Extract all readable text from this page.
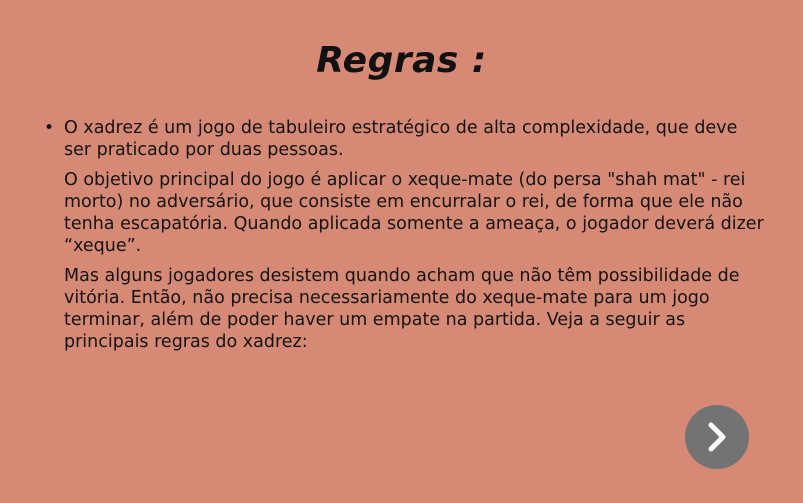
Regras :

• O xadrez é um jogo de tabuleiro estratégico de alta complexidade, que deve ser praticado por duas pessoas.

O objetivo principal do jogo é aplicar o xeque-mate (do persa "shah mat" - rei morto) no adversário, que consiste em encurralar o rei, de forma que ele não tenha escapatória. Quando aplicada somente a ameaça, o jogador deverá dizer “xeque”.

Mas alguns jogadores desistem quando acham que não têm possibilidade de vitória. Então, não precisa necessariamente do xeque-mate para um jogo terminar, além de poder haver um empate na partida. Veja a seguir as principais regras do xadrez:
